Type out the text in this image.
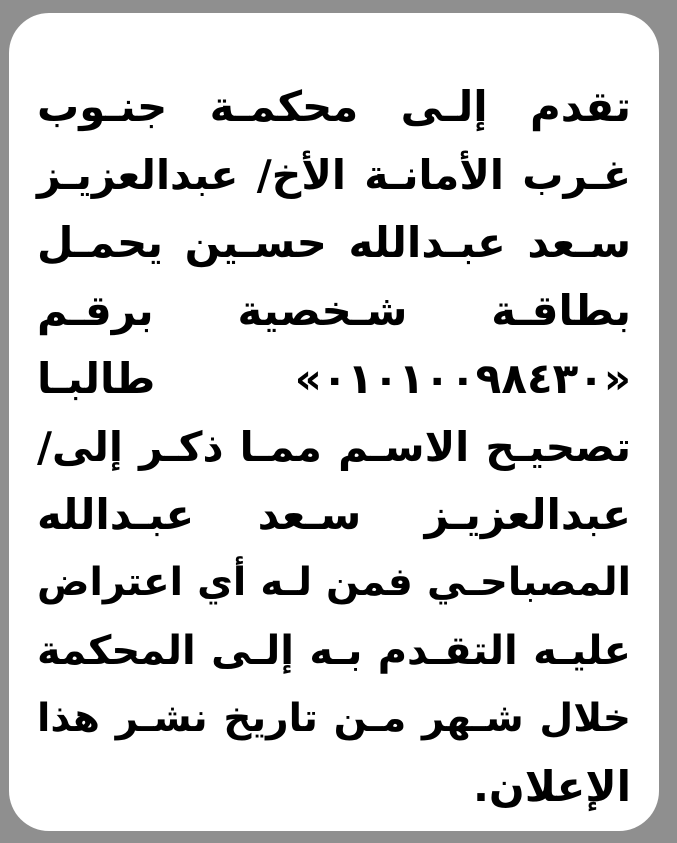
تقدم إلـى محكمـة جنـوب
غـرب الأمانـة الأخ/ عبدالعزيـز
سـعد عبـدالله حسـين يحمـل
بطاقـة شـخصية برقـم
«٠١٠١٠٠٩٨٤٣٠» طالبـا
تصحيـح الاسـم ممـا ذكـر إلى/
عبدالعزيـز سـعد عبـدالله
المصباحـي فمن لـه أي اعتراض
عليـه التقـدم بـه إلـى المحكمة
خلال شـهر مـن تاريخ نشـر هذا
الإعلان.
